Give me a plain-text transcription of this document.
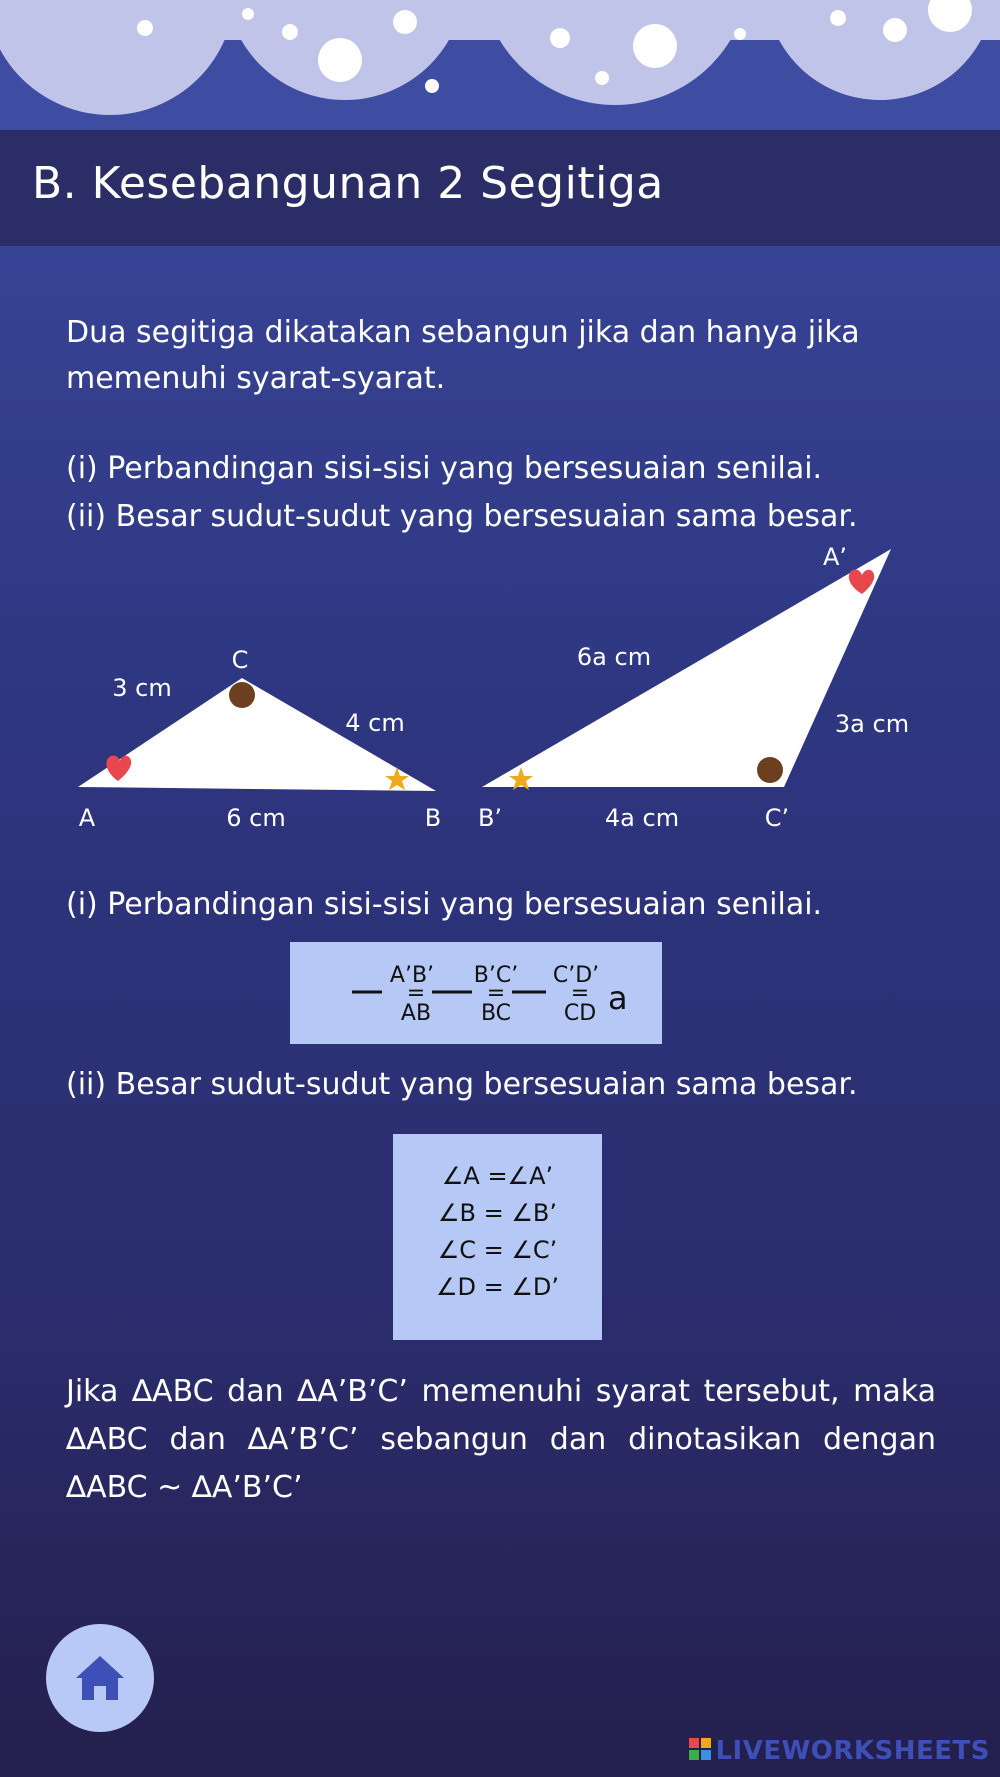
B. Kesebangunan 2 Segitiga
Dua segitiga dikatakan sebangun jika dan hanya jika memenuhi syarat-syarat.
(i) Perbandingan sisi-sisi yang bersesuaian senilai.
(ii) Besar sudut-sudut yang bersesuaian sama besar.
C
A	B
3 cm
4 cm
6 cm
A’
B’	C’
6a cm
3a cm
4a cm
(i) Perbandingan sisi-sisi yang bersesuaian senilai.
A’B’
=
AB
B’C’
=
BC
C’D’
=
CD a
(ii) Besar sudut-sudut yang bersesuaian sama besar.
∠A =∠A’
∠B = ∠B’
∠C = ∠C’
∠D = ∠D’
Jika ∆ABC dan ∆A’B’C’ memenuhi syarat tersebut, maka ∆ABC dan ∆A’B’C’ sebangun dan dinotasikan dengan ∆ABC ~ ∆A’B’C’
LIVEWORKSHEETS
